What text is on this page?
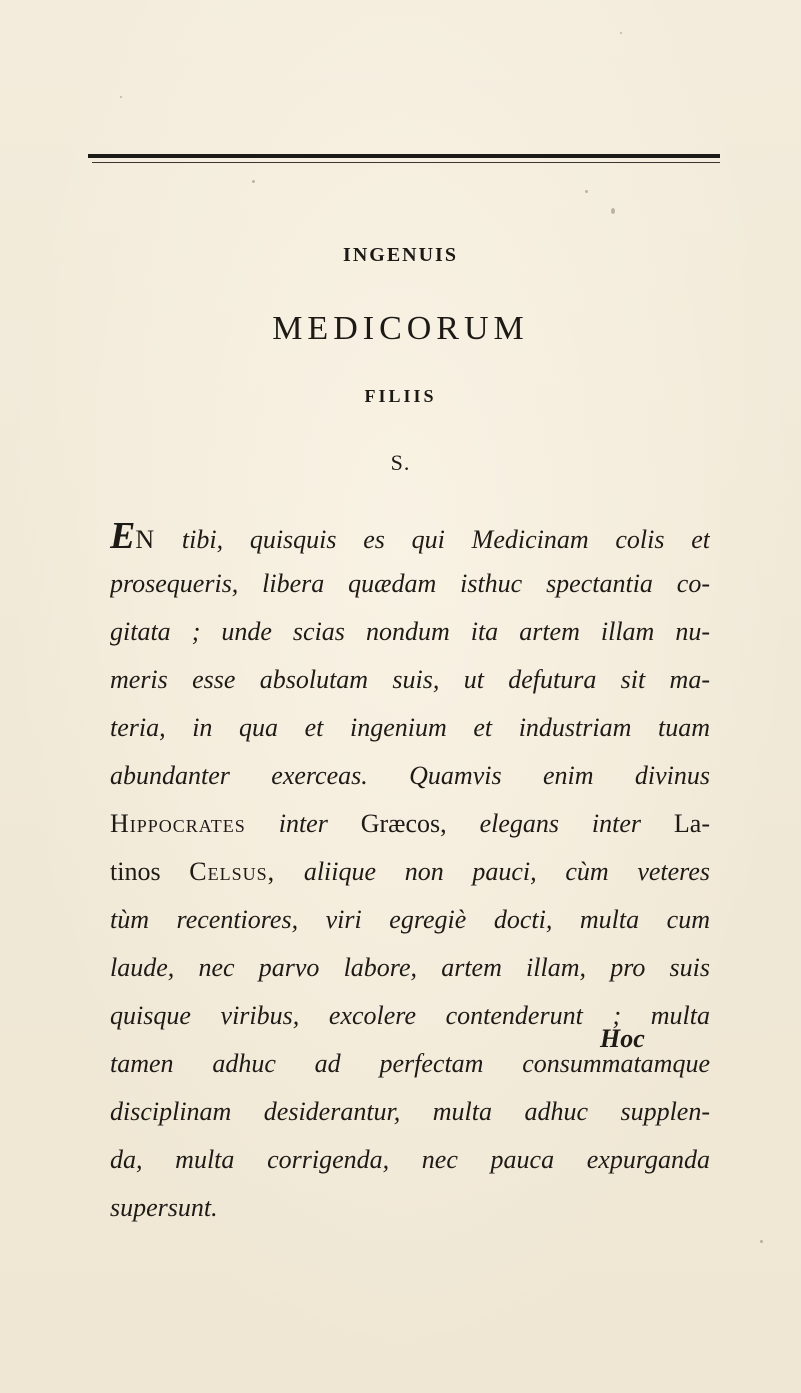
INGENUIS
MEDICORUM
FILIIS
S.
EN tibi, quisquis es qui Medicinam colis et
prosequeris, libera quædam isthuc spectantia co-
gitata ; unde scias nondum ita artem illam nu-
meris esse absolutam suis, ut defutura sit ma-
teria, in qua et ingenium et industriam tuam
abundanter exerceas. Quamvis enim divinus
Hippocrates inter Græcos, elegans inter La-
tinos Celsus, aliique non pauci, cùm veteres
tùm recentiores, viri egregiè docti, multa cum
laude, nec parvo labore, artem illam, pro suis
quisque viribus, excolere contenderunt ; multa
tamen adhuc ad perfectam consummatamque
disciplinam desiderantur, multa adhuc supplen-
da, multa corrigenda, nec pauca expurganda
supersunt.
Hoc
